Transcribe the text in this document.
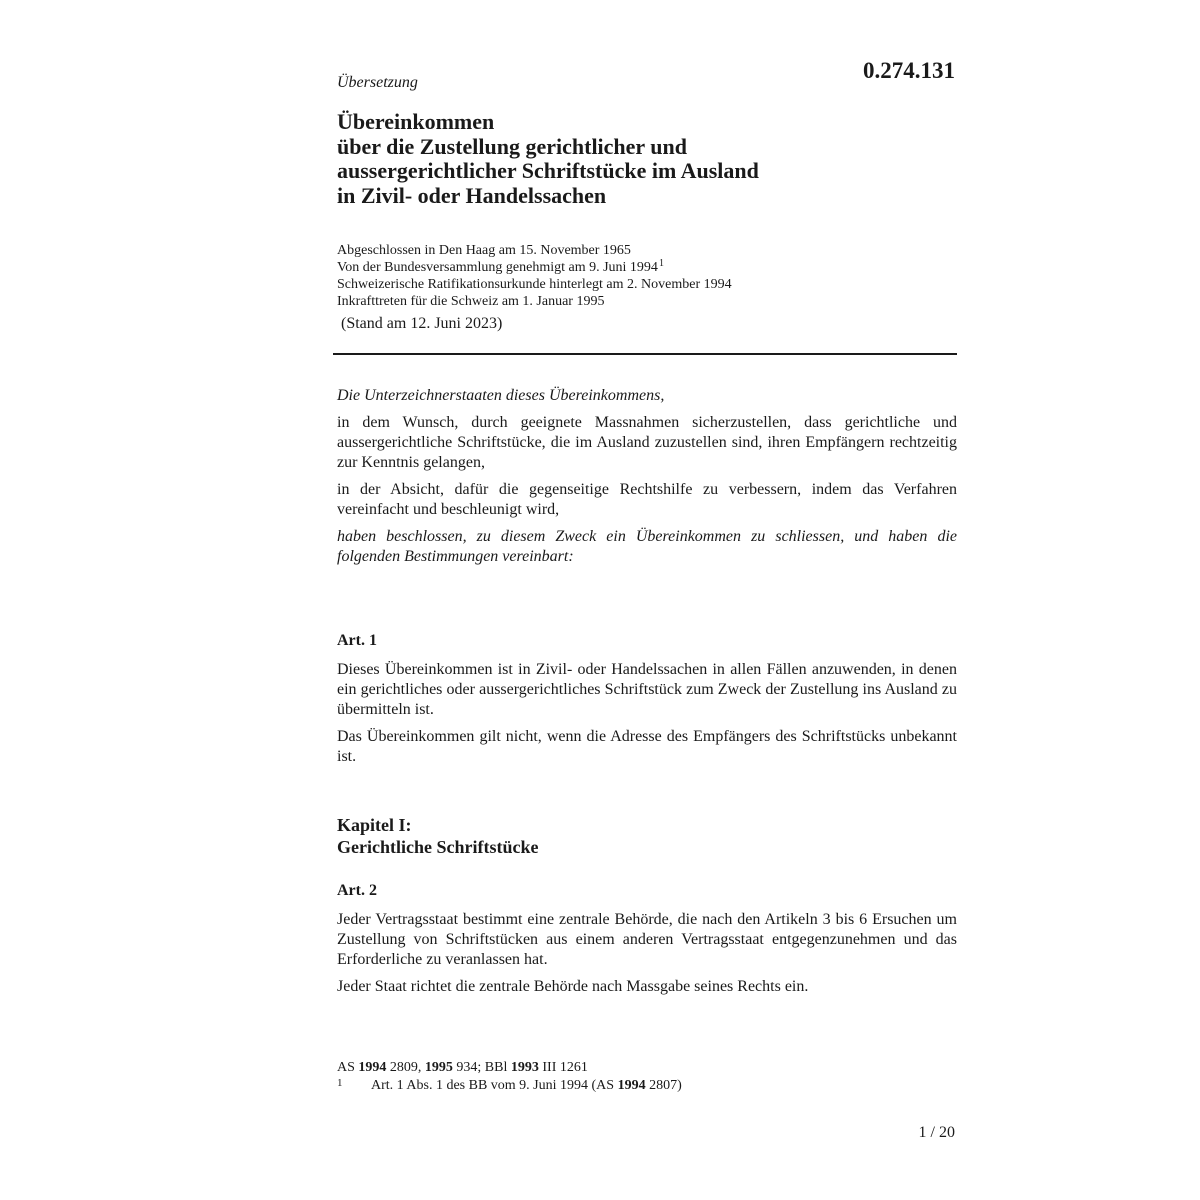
0.274.131
Übersetzung
Übereinkommen
über die Zustellung gerichtlicher und
aussergerichtlicher Schriftstücke im Ausland
in Zivil- oder Handelssachen
Abgeschlossen in Den Haag am 15. November 1965
Von der Bundesversammlung genehmigt am 9. Juni 1994$^1$
Schweizerische Ratifikationsurkunde hinterlegt am 2. November 1994
Inkrafttreten für die Schweiz am 1. Januar 1995
(Stand am 12. Juni 2023)

Die Unterzeichnerstaaten dieses Übereinkommens,

in dem Wunsch, durch geeignete Massnahmen sicherzustellen, dass gerichtliche und aussergerichtliche Schriftstücke, die im Ausland zuzustellen sind, ihren Empfängern rechtzeitig zur Kenntnis gelangen,

in der Absicht, dafür die gegenseitige Rechtshilfe zu verbessern, indem das Verfahren vereinfacht und beschleunigt wird,

haben beschlossen, zu diesem Zweck ein Übereinkommen zu schliessen, und haben die folgenden Bestimmungen vereinbart:

Art. 1

Dieses Übereinkommen ist in Zivil- oder Handelssachen in allen Fällen anzuwenden, in denen ein gerichtliches oder aussergerichtliches Schriftstück zum Zweck der Zustellung ins Ausland zu übermitteln ist.

Das Übereinkommen gilt nicht, wenn die Adresse des Empfängers des Schriftstücks unbekannt ist.

Kapitel I:
Gerichtliche Schriftstücke
Art. 2

Jeder Vertragsstaat bestimmt eine zentrale Behörde, die nach den Artikeln 3 bis 6 Ersuchen um Zustellung von Schriftstücken aus einem anderen Vertragsstaat entgegenzunehmen und das Erforderliche zu veranlassen hat.

Jeder Staat richtet die zentrale Behörde nach Massgabe seines Rechts ein.

AS 1994 2809, 1995 934; BBl 1993 III 1261
1	Art. 1 Abs. 1 des BB vom 9. Juni 1994 (AS 1994 2807)
1 / 20
